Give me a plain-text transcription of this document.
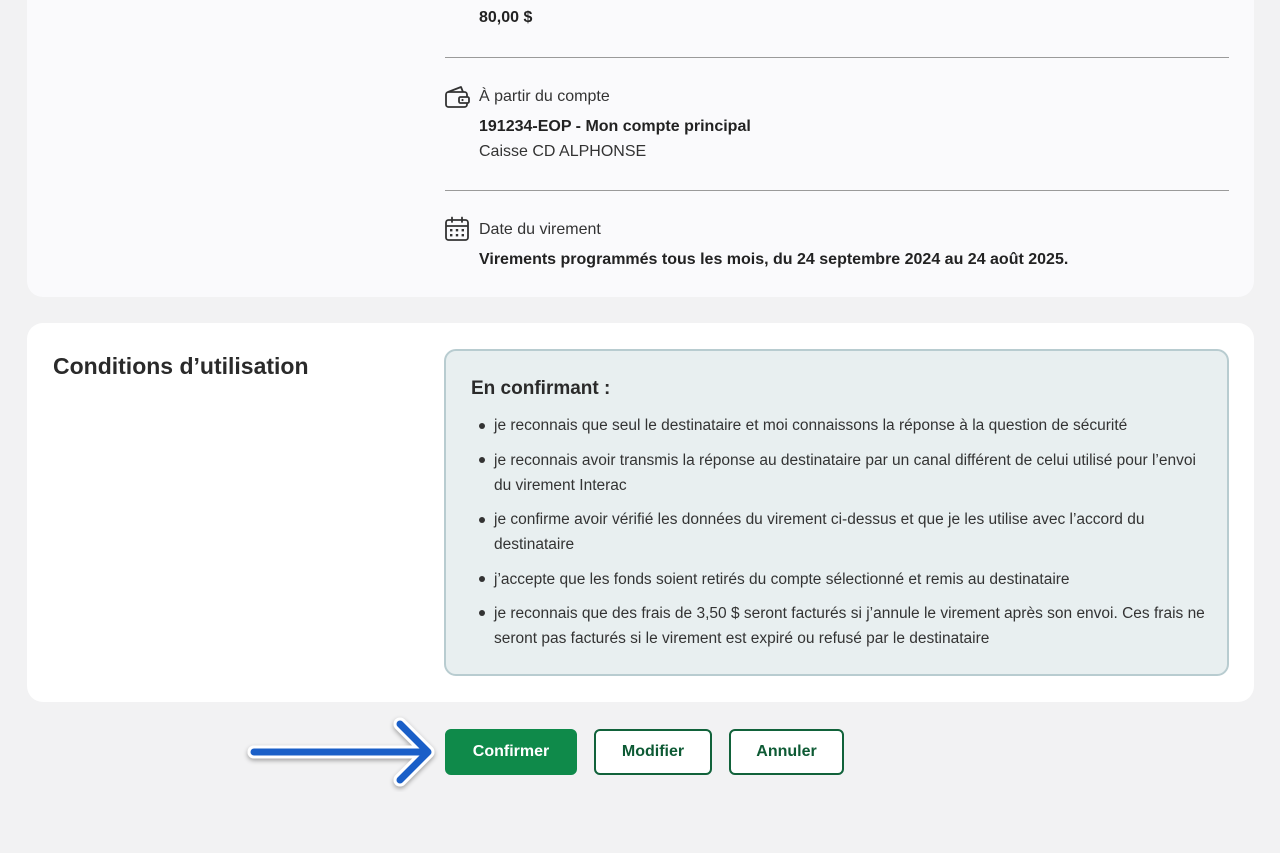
80,00 $
À partir du compte
191234-EOP - Mon compte principal
Caisse CD ALPHONSE
Date du virement
Virements programmés tous les mois, du 24 septembre 2024 au 24 août 2025.
Conditions d’utilisation
En confirmant :
je reconnais que seul le destinataire et moi connaissons la réponse à la question de sécurité
je reconnais avoir transmis la réponse au destinataire par un canal différent de celui utilisé pour l’envoi du virement Interac
je confirme avoir vérifié les données du virement ci-dessus et que je les utilise avec l’accord du destinataire
j’accepte que les fonds soient retirés du compte sélectionné et remis au destinataire
je reconnais que des frais de 3,50 $ seront facturés si j’annule le virement après son envoi. Ces frais ne seront pas facturés si le virement est expiré ou refusé par le destinataire
Confirmer	Modifier	Annuler
